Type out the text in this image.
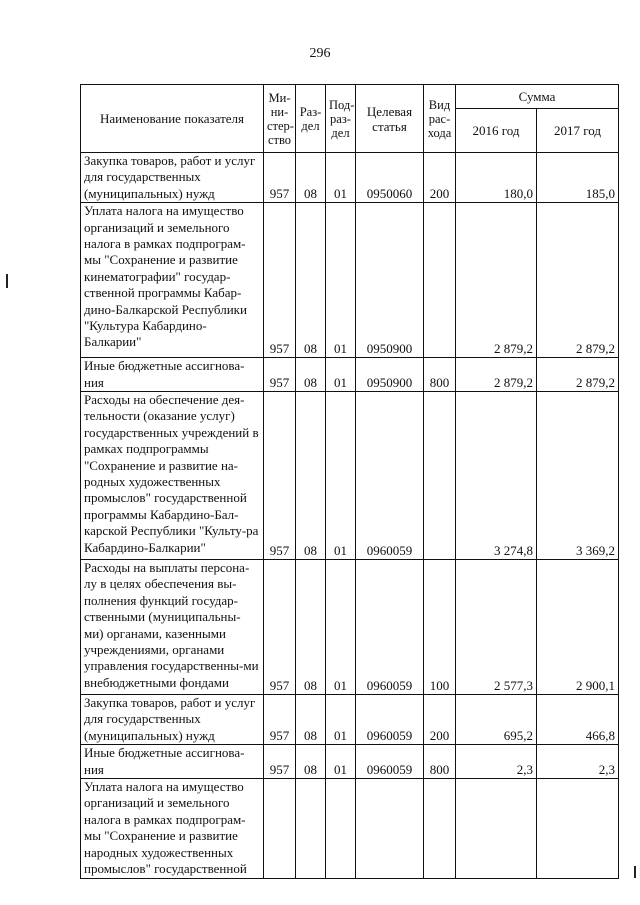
296
Наименование показателя	Ми-ни-стер-ство	Раз-дел	Под-раз-дел	Целевая статья	Вид рас-хода	Сумма	
						2016 год	2017 год
Закупка товаров, работ и услуг для государственных (муниципальных) нужд	957	08	01	0950060	200	180,0	185,0
Уплата налога на имущество организаций и земельного налога в рамках подпрограм-мы "Сохранение и развитие кинематографии" государ-ственной программы Кабар-дино-Балкарской Республики "Культура Кабардино-Балкарии"	957	08	01	0950900		2 879,2	2 879,2
Иные бюджетные ассигнова-ния	957	08	01	0950900	800	2 879,2	2 879,2
Расходы на обеспечение дея-тельности (оказание услуг) государственных учреждений в рамках подпрограммы "Сохранение и развитие на-родных художественных промыслов" государственной программы Кабардино-Бал-карской Республики "Культу-ра Кабардино-Балкарии"	957	08	01	0960059		3 274,8	3 369,2
Расходы на выплаты персона-лу в целях обеспечения вы-полнения функций государ-ственными (муниципальны-ми) органами, казенными учреждениями, органами управления государственны-ми внебюджетными фондами	957	08	01	0960059	100	2 577,3	2 900,1
Закупка товаров, работ и услуг для государственных (муниципальных) нужд	957	08	01	0960059	200	695,2	466,8
Иные бюджетные ассигнова-ния	957	08	01	0960059	800	2,3	2,3
Уплата налога на имущество организаций и земельного налога в рамках подпрограм-мы "Сохранение и развитие народных художественных промыслов" государственной							
